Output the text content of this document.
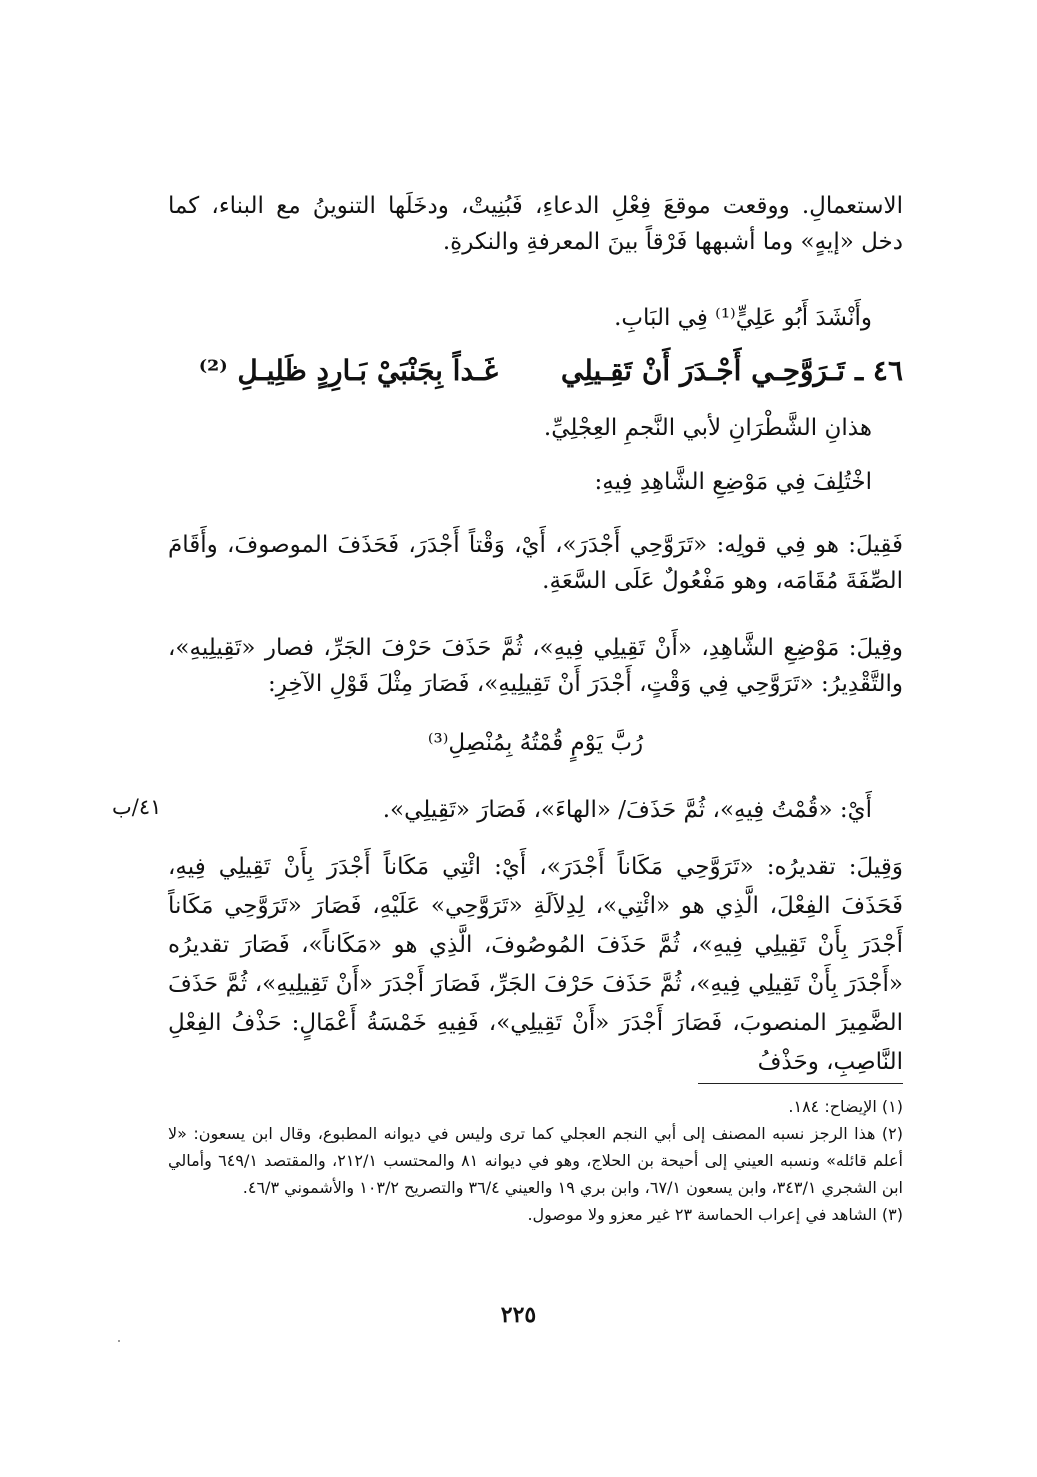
الاستعمالِ. ووقعت موقعَ فِعْلِ الدعاءِ، فَبُنِيتْ، ودخَلَها التنوينُ مع البناء، كما دخل «إيهٍ» وما أشبهها فَرْقاً بينَ المعرفةِ والنكرةِ.

وأَنْشَدَ أَبُو عَلِيٍّ⁽¹⁾ فِي البَابِ.

٤٦ ـ
تَـرَوَّحِـي أَجْـدَرَ أَنْ تَقِـيلِي
غَـداً بِجَنْبَيْ بَـارِدٍ ظَلِيـلِ ⁽²⁾

هذانِ الشَّطْرَانِ لأبي النَّجمِ العِجْلِيِّ.

اخْتُلِفَ فِي مَوْضِعِ الشَّاهِدِ فِيهِ:

فَقِيلَ: هو فِي قولِه: «تَرَوَّحِي أَجْدَرَ»، أَيْ، وَقْتاً أَجْدَرَ، فَحَذَفَ الموصوفَ، وأَقَامَ الصِّفَةَ مُقَامَه، وهو مَفْعُولٌ عَلَى السَّعَةِ.

وقِيلَ: مَوْضِعِ الشَّاهِدِ، «أَنْ تَقِيلِي فِيهِ»، ثُمَّ حَذَفَ حَرْفَ الجَرِّ، فصار «تَقِيلِيهِ»، والتَّقْدِيرُ: «تَرَوَّحِي فِي وَقْتٍ، أَجْدَرَ أَنْ تَقِيلِيهِ»، فَصَارَ مِثْلَ قَوْلِ الآخِرِ:

رُبَّ يَوْمٍ قُمْتُهُ بِمُنْصِلِ⁽³⁾

أَيْ: «قُمْتُ فِيهِ»، ثُمَّ حَذَفَ/ «الهاءَ»، فَصَارَ «تَقِيلِي».

٤١/ب

وَقِيلَ: تقديرُه: «تَرَوَّحِي مَكَاناً أَجْدَرَ»، أَيْ: ائْتِي مَكَاناً أَجْدَرَ بِأَنْ تَقِيلِي فِيهِ، فَحَذَفَ الفِعْلَ، الَّذِي هو «ائْتِي»، لِدِلاَلَةِ «تَرَوَّحِي» عَلَيْهِ، فَصَارَ «تَرَوَّحِي مَكَاناً أَجْدَرَ بِأَنْ تَقِيلِي فِيهِ»، ثُمَّ حَذَفَ المُوصُوفَ، الَّذِي هو «مَكَاناً»، فَصَارَ تقديرُه «أَجْدَرَ بِأَنْ تَقِيلِي فِيهِ»، ثُمَّ حَذَفَ حَرْفَ الجَرِّ، فَصَارَ أَجْدَرَ «أَنْ تَقِيلِيهِ»، ثُمَّ حَذَفَ الضَّمِيرَ المنصوبَ، فَصَارَ أَجْدَرَ «أَنْ تَقِيلِي»، فَفِيهِ خَمْسَةُ أَعْمَالٍ: حَذْفُ الفِعْلِ النَّاصِبِ، وحَذْفُ

(١) الإيضاح: ١٨٤.

(٢) هذا الرجز نسبه المصنف إلى أبي النجم العجلي كما ترى وليس في ديوانه المطبوع، وقال ابن يسعون: «لا أعلم قائله» ونسبه العيني إلى أحيحة بن الحلاج، وهو في ديوانه ٨١ والمحتسب ٢١٢/١، والمقتصد ٦٤٩/١ وأمالي ابن الشجري ٣٤٣/١، وابن يسعون ٦٧/١، وابن بري ١٩ والعيني ٣٦/٤ والتصريح ١٠٣/٢ والأشموني ٤٦/٣.

(٣) الشاهد في إعراب الحماسة ٢٣ غير معزو ولا موصول.

٢٢٥
